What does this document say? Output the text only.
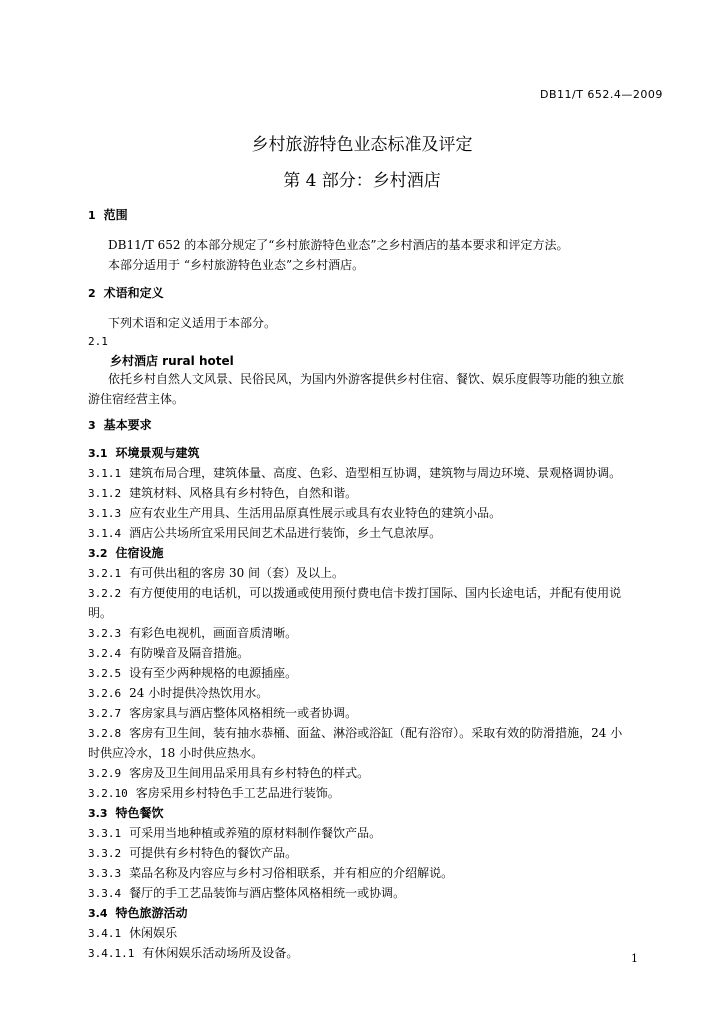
DB11/T 652.4—2009
乡村旅游特色业态标准及评定
第 4 部分：乡村酒店
1 范围
DB11/T 652 的本部分规定了“乡村旅游特色业态”之乡村酒店的基本要求和评定方法。
本部分适用于 “乡村旅游特色业态”之乡村酒店。
2 术语和定义
下列术语和定义适用于本部分。
2.1
乡村酒店 rural hotel
依托乡村自然人文风景、民俗民风，为国内外游客提供乡村住宿、餐饮、娱乐度假等功能的独立旅
游住宿经营主体。
3 基本要求
3.1 环境景观与建筑
3.1.1 建筑布局合理，建筑体量、高度、色彩、造型相互协调，建筑物与周边环境、景观格调协调。
3.1.2 建筑材料、风格具有乡村特色，自然和谐。
3.1.3 应有农业生产用具、生活用品原真性展示或具有农业特色的建筑小品。
3.1.4 酒店公共场所宜采用民间艺术品进行装饰，乡土气息浓厚。
3.2 住宿设施
3.2.1 有可供出租的客房 30 间（套）及以上。
3.2.2 有方便使用的电话机，可以拨通或使用预付费电信卡拨打国际、国内长途电话，并配有使用说
明。
3.2.3 有彩色电视机，画面音质清晰。
3.2.4 有防噪音及隔音措施。
3.2.5 设有至少两种规格的电源插座。
3.2.6 24 小时提供冷热饮用水。
3.2.7 客房家具与酒店整体风格相统一或者协调。
3.2.8 客房有卫生间，装有抽水恭桶、面盆、淋浴或浴缸（配有浴帘）。采取有效的防滑措施，24 小
时供应冷水，18 小时供应热水。
3.2.9 客房及卫生间用品采用具有乡村特色的样式。
3.2.10 客房采用乡村特色手工艺品进行装饰。
3.3 特色餐饮
3.3.1 可采用当地种植或养殖的原材料制作餐饮产品。
3.3.2 可提供有乡村特色的餐饮产品。
3.3.3 菜品名称及内容应与乡村习俗相联系，并有相应的介绍解说。
3.3.4 餐厅的手工艺品装饰与酒店整体风格相统一或协调。
3.4 特色旅游活动
3.4.1 休闲娱乐
3.4.1.1 有休闲娱乐活动场所及设备。	1
